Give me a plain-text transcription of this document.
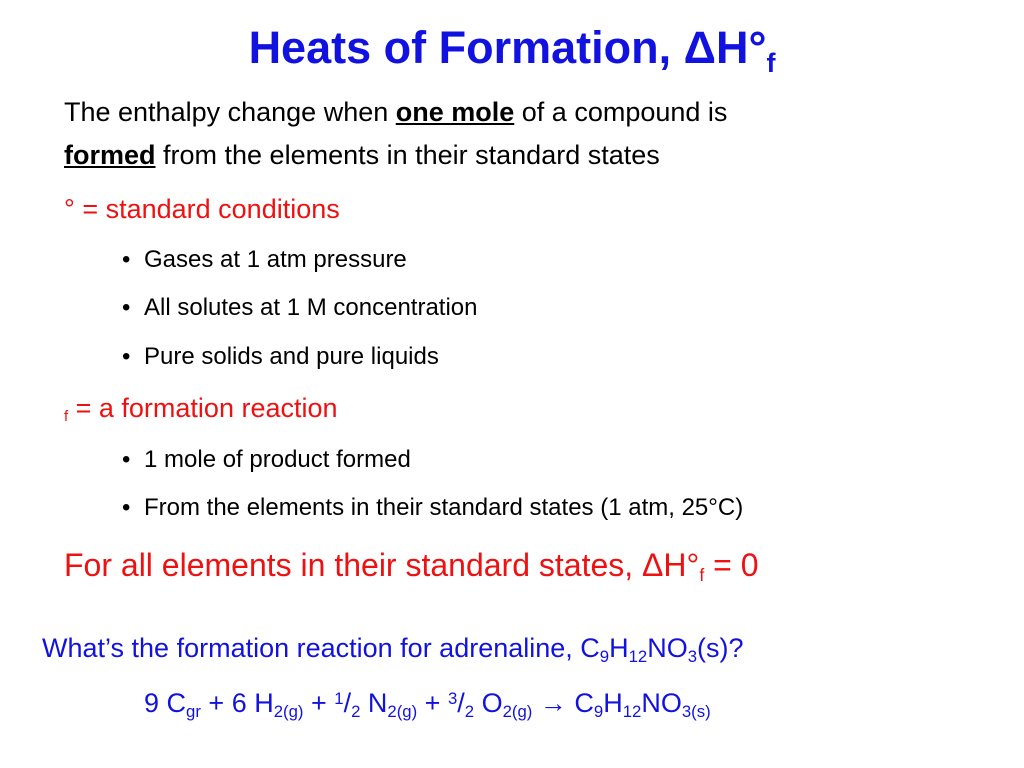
Heats of Formation, $\Delta H^\circ_f$
The enthalpy change when one mole of a compound is
formed from the elements in their standard states
° = standard conditions
• Gases at 1 atm pressure
• All solutes at 1 M concentration
• Pure solids and pure liquids
$_f$ = a formation reaction
• 1 mole of product formed
• From the elements in their standard states (1 atm, 25°C)
For all elements in their standard states, $\Delta H^\circ_f = 0$
What’s the formation reaction for adrenaline, $C_9H_{12}NO_3(s)$?
9 $C_{gr} + 6$ $H_{2(g)} + ^1/_2$ $N_{2(g)} + ^3/_2$ $O_{2(g)} \to C_9H_{12}NO_{3(s)}$
